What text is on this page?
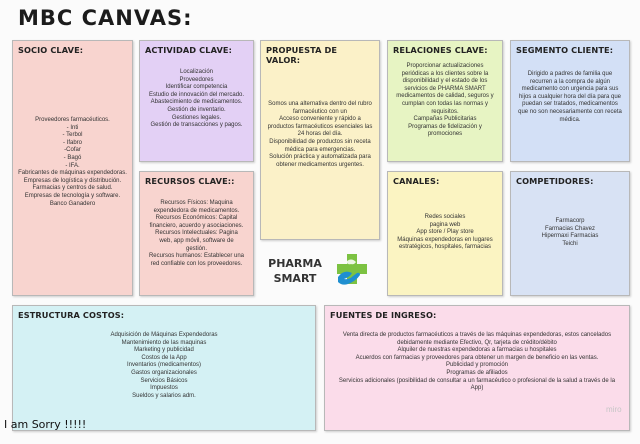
MBC CANVAS:
SOCIO CLAVE:
Proveedores farmacéuticos.
- Inti
- Terbol
- Ifabro
-Cofar
- Bagó
- IFA.
Fabricantes de máquinas expendedoras.
Empresas de logística y distribución.
Farmacias y centros de salud.
Empresas de tecnología y software.
Banco Ganadero
ACTIVIDAD CLAVE:
Localización
Proveedores
Identificar competencia
Estudio de innovación del mercado.
Abastecimiento de medicamentos.
Gestión de inventario.
Gestiones legales.
Gestión de transacciones y pagos.
RECURSOS CLAVE::
Recursos Físicos: Maquina expendedora de medicamentos.
Recursos Económicos: Capital financiero, acuerdo y asociaciones.
Recursos Intelectuales: Pagina web, app móvil, software de gestión.
Recursos humanos: Establecer una red confiable con los proveedores.
PROPUESTA DE VALOR:
Somos una alternativa dentro del rubro farmacéutico con un
Acceso conveniente y rápido a productos farmacéuticos esenciales las 24 horas del día.
Disponibilidad de productos sin receta médica para emergencias.
Solución práctica y automatizada para obtener medicamentos urgentes.
RELACIONES CLAVE:
Proporcionar actualizaciones periódicas a los clientes sobre la disponibilidad y el estado de los servicios de PHARMA SMART medicamentos de calidad, seguros y cumplan con todas las normas y requisitos.
Campañas Publicitarias
Programas de fidelización y promociones
CANALES:
Redes sociales
pagina web
App store / Play store
Máquinas expendedoras en lugares estratégicos, hospitales, farmacias
SEGMENTO CLIENTE:
Dirigido a padres de familia que recurren a la compra de algún medicamento con urgencia para sus hijos a cualquier hora del día para que puedan ser tratados, medicamentos que no son necesariamente con receta médica.
COMPETIDORES:
Farmacorp
Farmacias Chavez
Hipermaxi Farmacias
Teichi
ESTRUCTURA COSTOS:
Adquisición de Máquinas Expendedoras
Mantenimiento de las maquinas
Marketing y publicidad
Costos de la App
Inventarios (medicamentos)
Gastos organizacionales
Servicios Básicos
Impuestos
Sueldos y salarios adm.
FUENTES DE INGRESO:
Venta directa de productos farmacéuticos a través de las máquinas expendedoras, estos cancelados debidamente mediante Efectivo, Qr, tarjeta de crédito/débito
Alquiler de nuestras expendedoras a farmacias u hospitales
Acuerdos con farmacias y proveedores para obtener un margen de beneficio en las ventas.
Publicidad y promoción
Programas de afiliados
Servicios adicionales (posibilidad de consultar a un farmacéutico o profesional de la salud a través de la App)
PHARMA
SMART
I am Sorry !!!!!
miro
